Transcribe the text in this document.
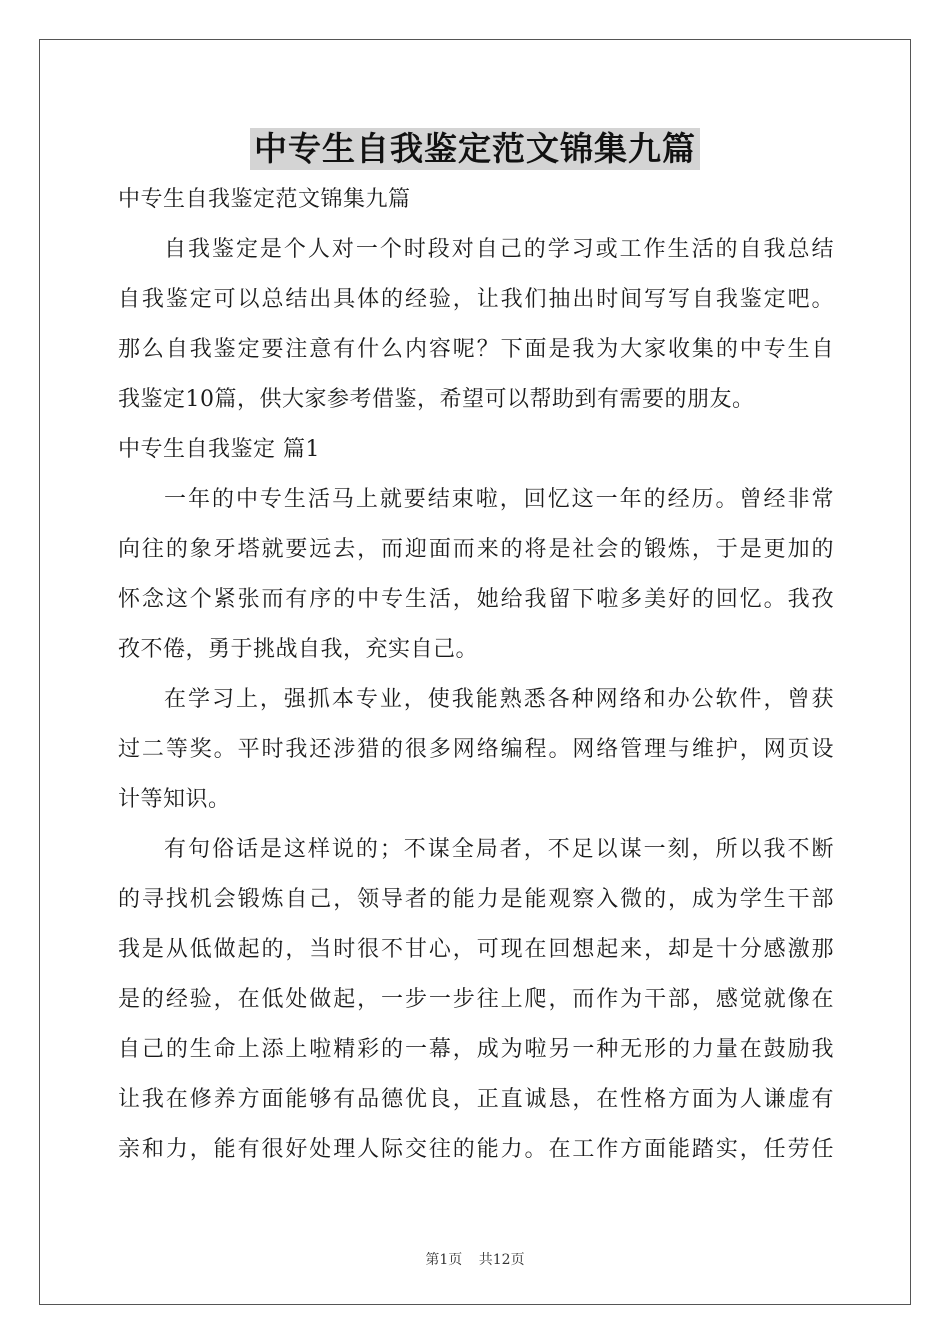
中专生自我鉴定范文锦集九篇
中专生自我鉴定范文锦集九篇
自我鉴定是个人对一个时段对自己的学习或工作生活的自我总结
自我鉴定可以总结出具体的经验，让我们抽出时间写写自我鉴定吧。
那么自我鉴定要注意有什么内容呢？下面是我为大家收集的中专生自
我鉴定10篇，供大家参考借鉴，希望可以帮助到有需要的朋友。
中专生自我鉴定 篇1
一年的中专生活马上就要结束啦，回忆这一年的经历。曾经非常
向往的象牙塔就要远去，而迎面而来的将是社会的锻炼，于是更加的
怀念这个紧张而有序的中专生活，她给我留下啦多美好的回忆。我孜
孜不倦，勇于挑战自我，充实自己。
在学习上，强抓本专业，使我能熟悉各种网络和办公软件，曾获
过二等奖。平时我还涉猎的很多网络编程。网络管理与维护，网页设
计等知识。
有句俗话是这样说的；不谋全局者，不足以谋一刻，所以我不断
的寻找机会锻炼自己，领导者的能力是能观察入微的，成为学生干部
我是从低做起的，当时很不甘心，可现在回想起来，却是十分感激那
是的经验，在低处做起，一步一步往上爬，而作为干部，感觉就像在
自己的生命上添上啦精彩的一幕，成为啦另一种无形的力量在鼓励我
让我在修养方面能够有品德优良，正直诚恳，在性格方面为人谦虚有
亲和力，能有很好处理人际交往的能力。在工作方面能踏实，任劳任
第1页 共12页
